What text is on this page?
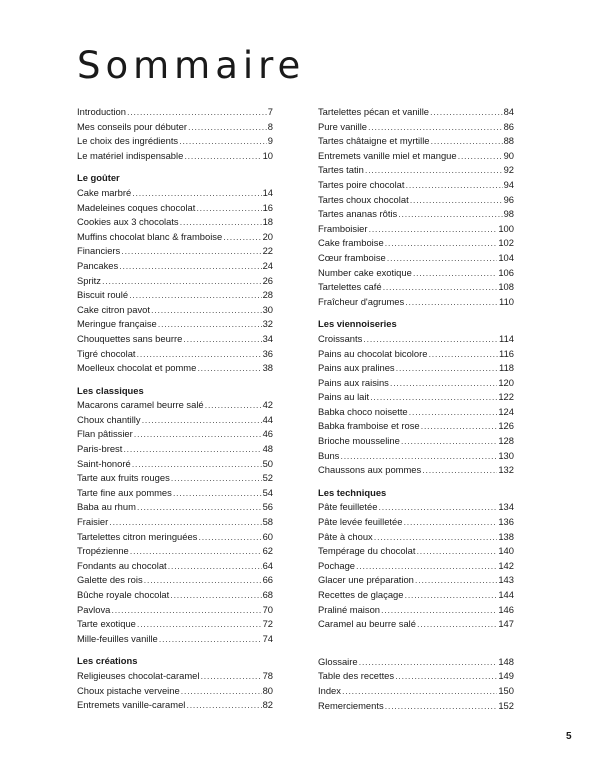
Sommaire
Introduction .....	7
Mes conseils pour débuter .....	8
Le choix des ingrédients .....	9
Le matériel indispensable .....	10
Le goûter
Cake marbré .....	14
Madeleines coques chocolat .....	16
Cookies aux 3 chocolats .....	18
Muffins chocolat blanc & framboise .....	20
Financiers .....	22
Pancakes .....	24
Spritz .....	26
Biscuit roulé .....	28
Cake citron pavot .....	30
Meringue française .....	32
Chouquettes sans beurre .....	34
Tigré chocolat .....	36
Moelleux chocolat et pomme .....	38
Les classiques
Macarons caramel beurre salé .....	42
Choux chantilly .....	44
Flan pâtissier .....	46
Paris-brest .....	48
Saint-honoré .....	50
Tarte aux fruits rouges .....	52
Tarte fine aux pommes .....	54
Baba au rhum .....	56
Fraisier .....	58
Tartelettes citron meringuées .....	60
Tropézienne .....	62
Fondants au chocolat .....	64
Galette des rois .....	66
Bûche royale chocolat .....	68
Pavlova .....	70
Tarte exotique .....	72
Mille-feuilles vanille .....	74
Les créations
Religieuses chocolat-caramel .....	78
Choux pistache verveine .....	80
Entremets vanille-caramel .....	82
Tartelettes pécan et vanille .....	84
Pure vanille .....	86
Tartes châtaigne et myrtille .....	88
Entremets vanille miel et mangue .....	90
Tartes tatin .....	92
Tartes poire chocolat .....	94
Tartes choux chocolat .....	96
Tartes ananas rôtis .....	98
Framboisier .....	100
Cake framboise .....	102
Cœur framboise .....	104
Number cake exotique .....	106
Tartelettes café .....	108
Fraîcheur d'agrumes .....	110
Les viennoiseries
Croissants .....	114
Pains au chocolat bicolore .....	116
Pains aux pralines .....	118
Pains aux raisins .....	120
Pains au lait .....	122
Babka choco noisette .....	124
Babka framboise et rose .....	126
Brioche mousseline .....	128
Buns .....	130
Chaussons aux pommes .....	132
Les techniques
Pâte feuilletée .....	134
Pâte levée feuilletée .....	136
Pâte à choux .....	138
Tempérage du chocolat .....	140
Pochage .....	142
Glacer une préparation .....	143
Recettes de glaçage .....	144
Praliné maison .....	146
Caramel au beurre salé .....	147
Glossaire .....	148
Table des recettes .....	149
Index .....	150
Remerciements .....	152
5
